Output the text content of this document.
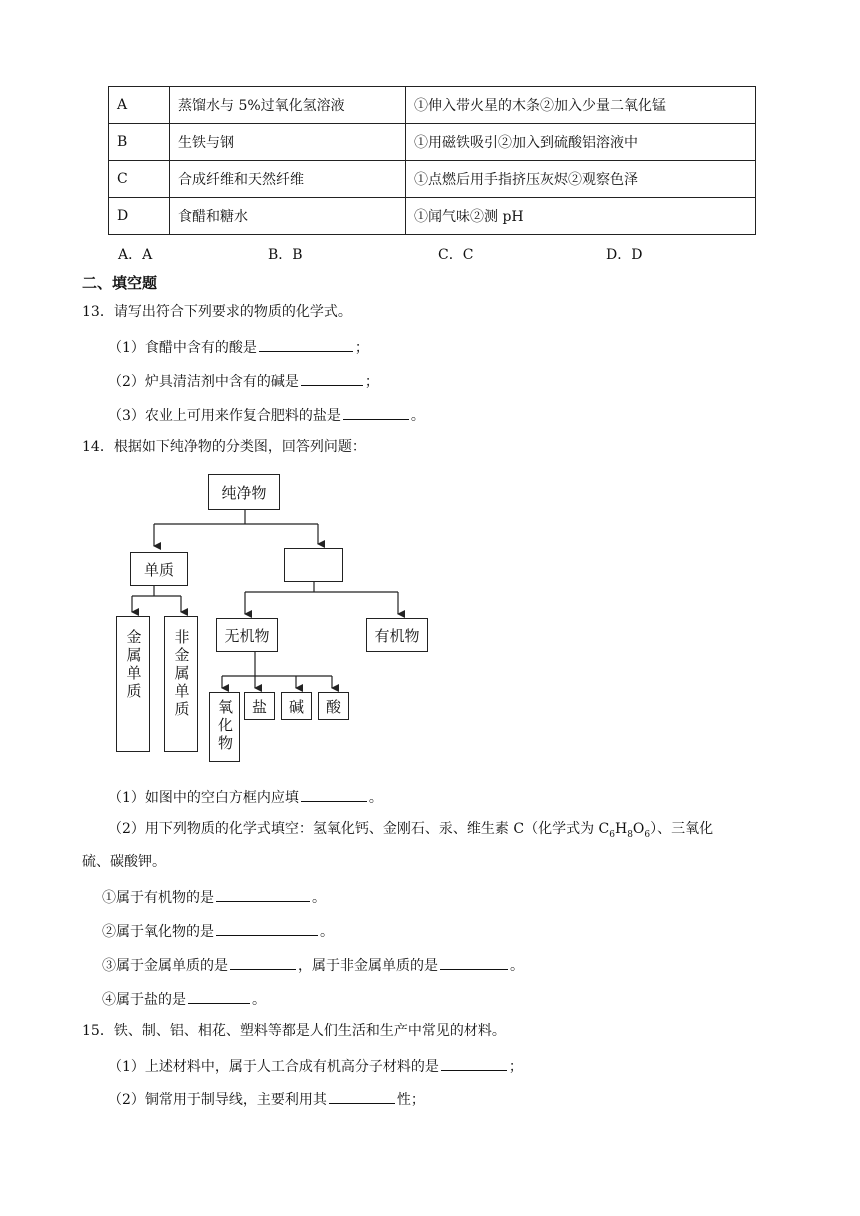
A	蒸馏水与 5%过氧化氢溶液	①伸入带火星的木条②加入少量二氧化锰
B	生铁与钢	①用磁铁吸引②加入到硫酸铝溶液中
C	合成纤维和天然纤维	①点燃后用手指挤压灰烬②观察色泽
D	食醋和糖水	①闻气味②测 pH
A．A	B．B	C．C	D．D
二、填空题
13．请写出符合下列要求的物质的化学式。
（1）食醋中含有的酸是	；
（2）炉具清洁剂中含有的碱是	；
（3）农业上可用来作复合肥料的盐是	。
14．根据如下纯净物的分类图，回答列问题：
纯净物
单质
金属单质 非金属单质	无机物	有机物
氧化物	盐	碱	酸
（1）如图中的空白方框内应填	。
（2）用下列物质的化学式填空：氢氧化钙、金刚石、汞、维生素 C（化学式为 $C_6H_8O_6$）、三氧化
硫、碳酸钾。
①属于有机物的是	。
②属于氧化物的是	。
③属于金属单质的是	，属于非金属单质的是	。
④属于盐的是	。
15．铁、制、铝、相花、塑料等都是人们生活和生产中常见的材料。
（1）上述材料中，属于人工合成有机高分子材料的是	；
（2）铜常用于制导线，主要利用其	性；
